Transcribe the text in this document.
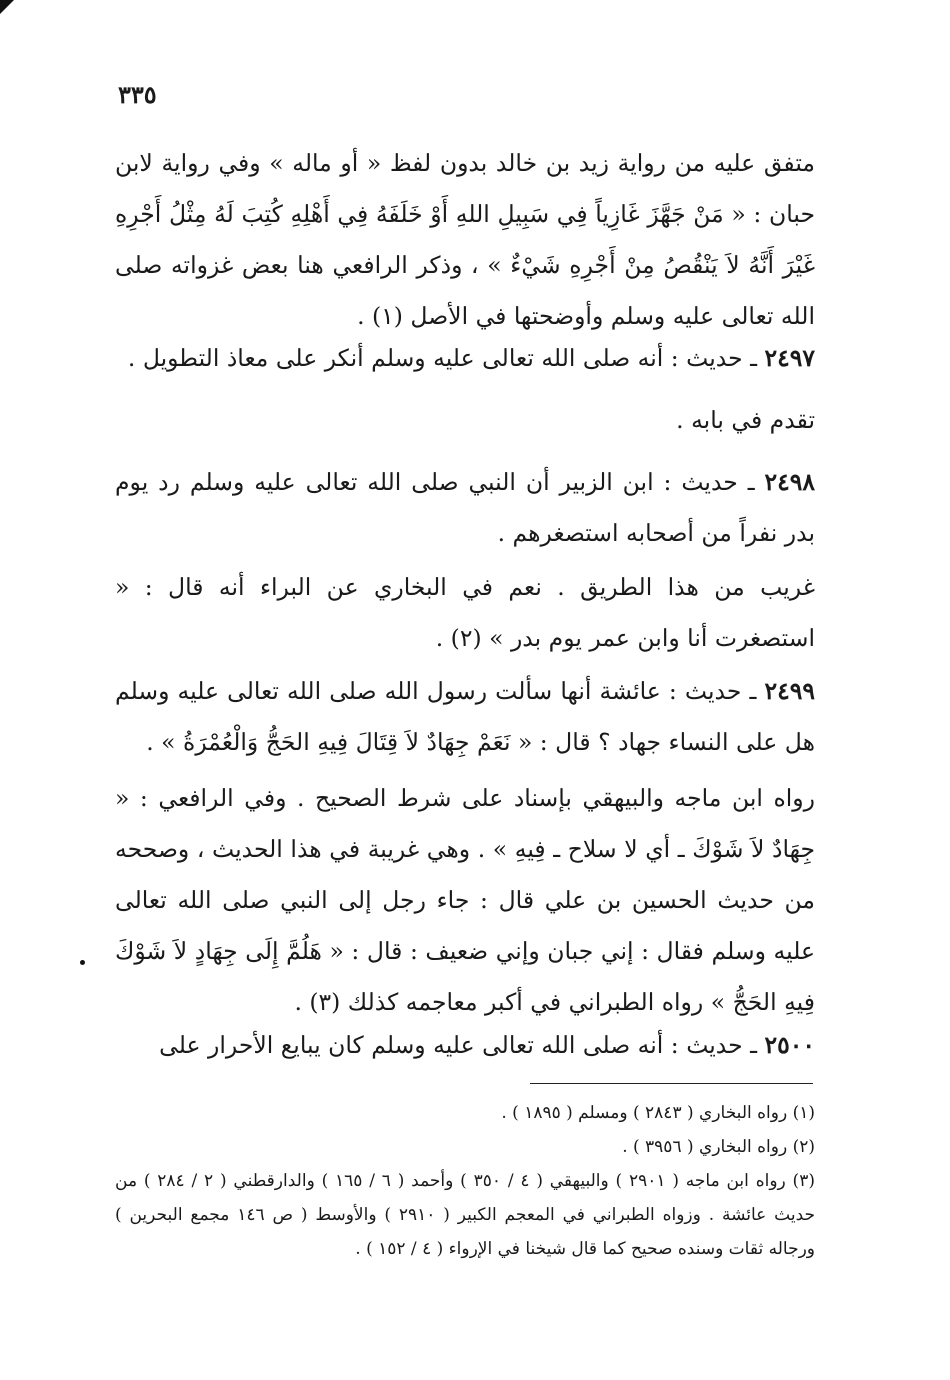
٣٣٥

متفق عليه من رواية زيد بن خالد بدون لفظ « أو ماله » وفي رواية لابن حبان : « مَنْ جَهَّزَ غَازِياً فِي سَبِيلِ اللهِ أَوْ خَلَفَهُ فِي أَهْلِهِ كُتِبَ لَهُ مِثْلُ أَجْرِهِ غَيْرَ أَنَّهُ لاَ يَنْقُصُ مِنْ أَجْرِهِ شَيْءٌ » ، وذكر الرافعي هنا بعض غزواته صلى الله تعالى عليه وسلم وأوضحتها في الأصل (١) .

٢٤٩٧ ـ حديث : أنه صلى الله تعالى عليه وسلم أنكر على معاذ التطويل .

تقدم في بابه .

٢٤٩٨ ـ حديث : ابن الزبير أن النبي صلى الله تعالى عليه وسلم رد يوم بدر نفراً من أصحابه استصغرهم .

غريب من هذا الطريق . نعم في البخاري عن البراء أنه قال : « استصغرت أنا وابن عمر يوم بدر » (٢) .

٢٤٩٩ ـ حديث : عائشة أنها سألت رسول الله صلى الله تعالى عليه وسلم هل على النساء جهاد ؟ قال : « نَعَمْ جِهَادٌ لاَ قِتَالَ فِيهِ الحَجُّ وَالْعُمْرَةُ » .

رواه ابن ماجه والبيهقي بإسناد على شرط الصحيح . وفي الرافعي : « جِهَادٌ لاَ شَوْكَ ـ أي لا سلاح ـ فِيهِ » . وهي غريبة في هذا الحديث ، وصححه من حديث الحسين بن علي قال : جاء رجل إلى النبي صلى الله تعالى عليه وسلم فقال : إني جبان وإني ضعيف : قال : « هَلُمَّ إِلَى جِهَادٍ لاَ شَوْكَ فِيهِ الحَجُّ » رواه الطبراني في أكبر معاجمه كذلك (٣) .

٢٥٠٠ ـ حديث : أنه صلى الله تعالى عليه وسلم كان يبايع الأحرار على

(١) رواه البخاري ( ٢٨٤٣ ) ومسلم ( ١٨٩٥ ) .

(٢) رواه البخاري ( ٣٩٥٦ ) .

(٣) رواه ابن ماجه ( ٢٩٠١ ) والبيهقي ( ٤ / ٣٥٠ ) وأحمد ( ٦ / ١٦٥ ) والدارقطني ( ٢ / ٢٨٤ ) من حديث عائشة . وزواه الطبراني في المعجم الكبير ( ٢٩١٠ ) والأوسط ( ص ١٤٦ مجمع البحرين ) ورجاله ثقات وسنده صحيح كما قال شيخنا في الإرواء ( ٤ / ١٥٢ ) .
